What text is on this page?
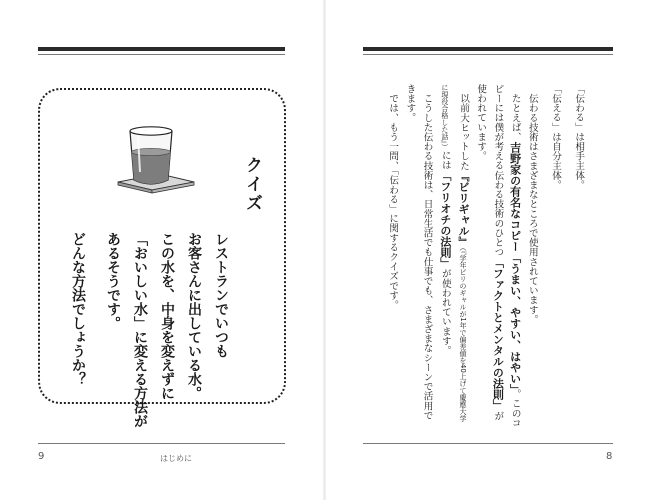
クイズ
レストランでいつも
お客さんに出している水。
この水を、中身を変えずに
「おいしい水」に変える方法が
あるそうです。
どんな方法でしょうか？
9	はじめに

「伝わる」は相手主体。

「伝える」は自分主体。

　伝わる技術はさまざまなところで使用されています。

　たとえば、吉野家の有名なコピー「うまい、やすい、はやい」。このコピーには僕が考える伝わる技術のひとつ「ファクトとメンタルの法則」が使われています。

　以前大ヒットした『ビリギャル』（『学年ビリのギャルが1年で偏差値を40上げて慶應大学に現役合格した話』）には「フリオチの法則」が使われています。

　こうした伝わる技術は、日常生活でも仕事でも、さまざまなシーンで活用できます。

　では、もう一問、「伝わる」に関するクイズです。

8
